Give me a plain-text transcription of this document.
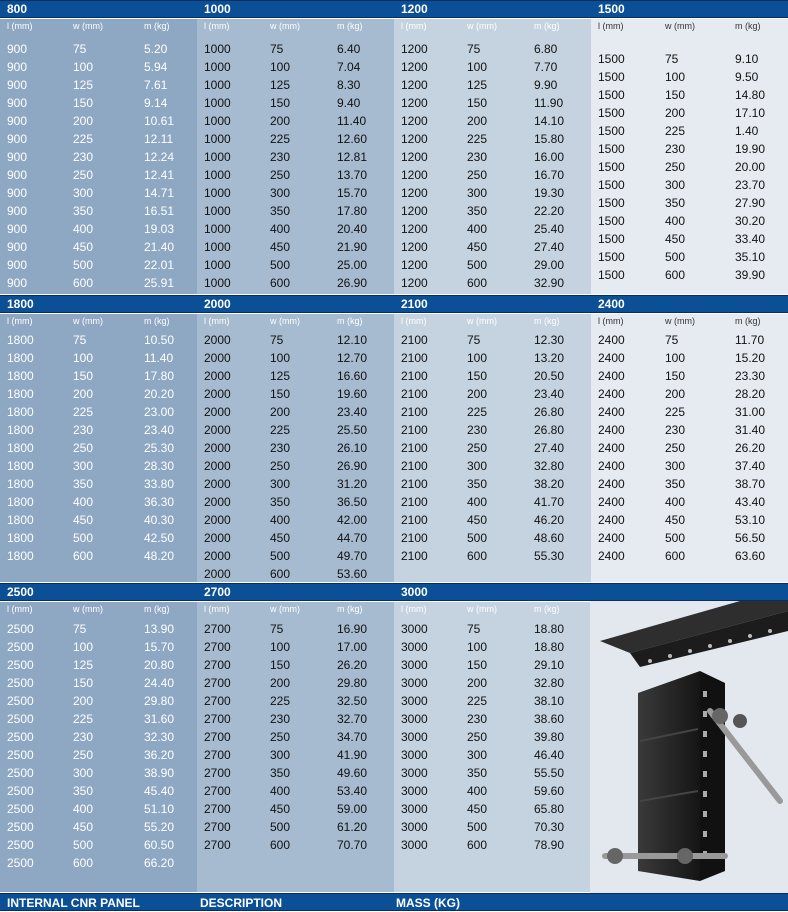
800
l (mm)	w (mm)	m (kg)
900	75	5.20
900	100	5.94
900	125	7.61
900	150	9.14
900	200	10.61
900	225	12.11
900	230	12.24
900	250	12.41
900	300	14.71
900	350	16.51
900	400	19.03
900	450	21.40
900	500	22.01
900	600	25.91
1000
l (mm)	w (mm)	m (kg)
1000	75	6.40
1000	100	7.04
1000	125	8.30
1000	150	9.40
1000	200	11.40
1000	225	12.60
1000	230	12.81
1000	250	13.70
1000	300	15.70
1000	350	17.80
1000	400	20.40
1000	450	21.90
1000	500	25.00
1000	600	26.90
1200
l (mm)	w (mm)	m (kg)
1200	75	6.80
1200	100	7.70
1200	125	9.90
1200	150	11.90
1200	200	14.10
1200	225	15.80
1200	230	16.00
1200	250	16.70
1200	300	19.30
1200	350	22.20
1200	400	25.40
1200	450	27.40
1200	500	29.00
1200	600	32.90
1500
l (mm)	w (mm)	m (kg)
1500	75	9.10
1500	100	9.50
1500	150	14.80
1500	200	17.10
1500	225	1.40
1500	230	19.90
1500	250	20.00
1500	300	23.70
1500	350	27.90
1500	400	30.20
1500	450	33.40
1500	500	35.10
1500	600	39.90
1800
l (mm)	w (mm)	m (kg)
1800	75	10.50
1800	100	11.40
1800	150	17.80
1800	200	20.20
1800	225	23.00
1800	230	23.40
1800	250	25.30
1800	300	28.30
1800	350	33.80
1800	400	36.30
1800	450	40.30
1800	500	42.50
1800	600	48.20
2000
l (mm)	w (mm)	m (kg)
2000	75	12.10
2000	100	12.70
2000	125	16.60
2000	150	19.60
2000	200	23.40
2000	225	25.50
2000	230	26.10
2000	250	26.90
2000	300	31.20
2000	350	36.50
2000	400	42.00
2000	450	44.70
2000	500	49.70
2000	600	53.60
2100
l (mm)	w (mm)	m (kg)
2100	75	12.30
2100	100	13.20
2100	150	20.50
2100	200	23.40
2100	225	26.80
2100	230	26.80
2100	250	27.40
2100	300	32.80
2100	350	38.20
2100	400	41.70
2100	450	46.20
2100	500	48.60
2100	600	55.30
2400
l (mm)	w (mm)	m (kg)
2400	75	11.70
2400	100	15.20
2400	150	23.30
2400	200	28.20
2400	225	31.00
2400	230	31.40
2400	250	26.20
2400	300	37.40
2400	350	38.70
2400	400	43.40
2400	450	53.10
2400	500	56.50
2400	600	63.60
2500
l (mm)	w (mm)	m (kg)
2500	75	13.90
2500	100	15.70
2500	125	20.80
2500	150	24.40
2500	200	29.80
2500	225	31.60
2500	230	32.30
2500	250	36.20
2500	300	38.90
2500	350	45.40
2500	400	51.10
2500	450	55.20
2500	500	60.50
2500	600	66.20
2700
l (mm)	w (mm)	m (kg)
2700	75	16.90
2700	100	17.00
2700	150	26.20
2700	200	29.80
2700	225	32.50
2700	230	32.70
2700	250	34.70
2700	300	41.90
2700	350	49.60
2700	400	53.40
2700	450	59.00
2700	500	61.20
2700	600	70.70
3000
l (mm)	w (mm)	m (kg)
3000	75	18.80
3000	100	18.80
3000	150	29.10
3000	200	32.80
3000	225	38.10
3000	230	38.60
3000	250	39.80
3000	300	46.40
3000	350	55.50
3000	400	59.60
3000	450	65.80
3000	500	70.30
3000	600	78.90
INTERNAL CNR PANEL	DESCRIPTION	MASS (KG)
